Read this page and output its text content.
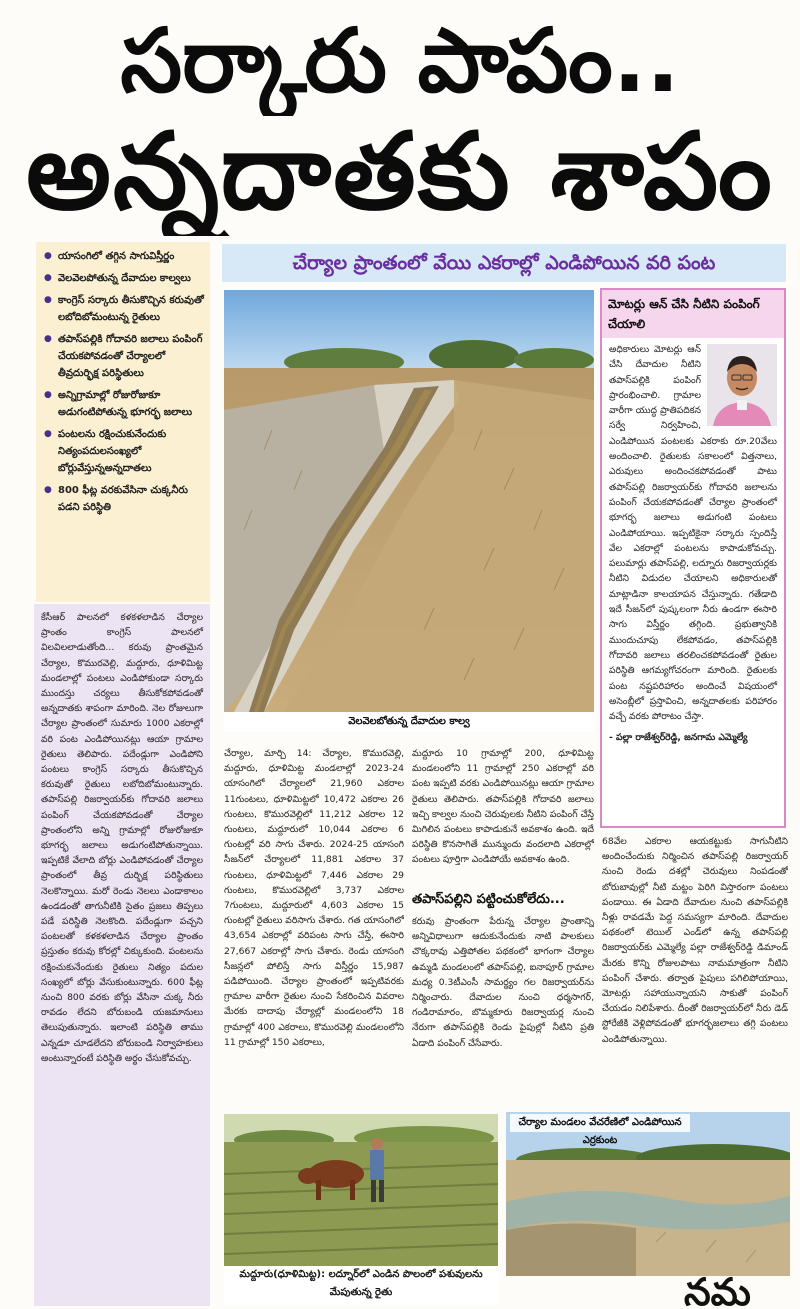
సర్కారు పాపం..
అన్నదాతకు శాపం
● యాసంగిలో తగ్గిన సాగువిస్తీర్ణం
● వెలవెలపోతున్న దేవాదుల కాల్వలు
● కాంగ్రెస్ సర్కారు తీసుకొచ్చిన కరువుతో లబోదిబోమంటున్న రైతులు
● తపాస్‌పల్లికి గోదావరి జలాలు పంపింగ్ చేయకపోవడంతో చేర్యాలలో తీవ్రదుర్భిక్ష పరిస్థితులు
● అన్నిగ్రామాల్లో రోజురోజుకూ అడుగంటిపోతున్న భూగర్భ జలాలు
● పంటలను రక్షించుకునేందుకు నిత్యంపదులసంఖ్యలో బోర్లువేస్తున్నఅన్నదాతలు
● 800 ఫీట్ల వరకువేసినా చుక్కనీరు పడని పరిస్థితి
చేర్యాల ప్రాంతంలో వేయి ఎకరాల్లో ఎండిపోయిన వరి పంట
వెలవెలబోతున్న దేవాదుల కాల్వ
మోటర్లు ఆన్ చేసి నీటిని పంపింగ్ చేయాలి
అధికారులు మోటర్లు ఆన్ చేసి దేవాదుల నీటిని తపాస్‌పల్లికి పంపింగ్ ప్రారంభించాలి. గ్రామాల వారీగా యుద్ధ ప్రాతిపదికన సర్వే నిర్వహించి, ఎండిపోయిన పంటలకు ఎకరాకు రూ.20వేలు అందించాలి. రైతులకు సకాలంలో విత్తనాలు, ఎరువులు అందించకపోవడంతో పాటు తపాస్‌పల్లి రిజర్వాయర్‌కు గోదావరి జలాలను పంపింగ్ చేయకపోవడంతో చేర్యాల ప్రాంతంలో భూగర్భ జలాలు అడుగంటి పంటలు ఎండిపోయాయి. ఇప్పటికైనా సర్కారు స్పందిస్తే వేల ఎకరాల్లో పంటలను కాపాడుకోవచ్చు. పలుమార్లు తపాస్‌పల్లి, లద్నూరు రిజర్వాయర్లకు నీటిని విడుదల చేయాలని అధికారులతో మాట్లాడినా కాలయాపన చేస్తున్నారు. గతేడాది ఇదే సీజన్‌లో పుష్కలంగా నీరు ఉండగా ఈసారి సాగు విస్తీర్ణం తగ్గింది. ప్రభుత్వానికి ముందుచూపు లేకపోవడం, తపాస్‌పల్లికి గోదావరి జలాలు తరలించకపోవడంతో రైతుల పరిస్థితి ఆగమ్యగోచరంగా మారింది. రైతులకు పంట నష్టపరిహారం అందించే విషయంలో అసెంబ్లీలో ప్రస్తావించి, అన్నదాతలకు పరిహారం వచ్చే వరకు పోరాటం చేస్తా.
- పల్లా రాజేశ్వర్‌రెడ్డి, జనగామ ఎమ్మెల్యే
కేసీఆర్ పాలనలో కళకళలాడిన చేర్యాల ప్రాంతం కాంగ్రెస్ పాలనలో విలవిలలాడుతోంది... కరువు ప్రాంతమైన చేర్యాల, కొమురవెల్లి, మద్దూరు, ధూళిమిట్ట మండలాల్లో పంటలు ఎండిపోకుండా సర్కారు ముందస్తు చర్యలు తీసుకోకపోవడంతో అన్నదాతకు శాపంగా మారింది. నెల రోజులుగా చేర్యాల ప్రాంతంలో సుమారు 1000 ఎకరాల్లో వరి పంట ఎండిపోయినట్లు ఆయా గ్రామాల రైతులు తెలిపారు. పదేండ్లుగా ఎండిపోని పంటలు కాంగ్రెస్ సర్కారు తీసుకొచ్చిన కరువుతో రైతులు లబోదిబోమంటున్నారు. తపాస్‌పల్లి రిజర్వాయర్‌కు గోదావరి జలాలు పంపింగ్ చేయకపోవడంతో చేర్యాల ప్రాంతంలోని అన్ని గ్రామాల్లో రోజురోజుకూ భూగర్భ జలాలు అడుగంటిపోతున్నాయి. ఇప్పటికే వేలాది బోర్లు ఎండిపోవడంతో చేర్యాల ప్రాంతంలో తీవ్ర దుర్భిక్ష పరిస్థితులు నెలకొన్నాయి. మరో రెండు నెలలు ఎండాకాలం ఉండడంతో తాగునీటికి సైతం ప్రజలు తిప్పలు పడే పరిస్థితి నెలకొంది. పదేండ్లుగా పచ్చని పంటలతో కళకళలాడిన చేర్యాల ప్రాంతం ప్రస్తుతం కరువు కోరల్లో చిక్కుకుంది. పంటలను రక్షించుకునేందుకు రైతులు నిత్యం పదుల సంఖ్యలో బోర్లు వేసుకుంటున్నారు. 600 ఫీట్ల నుంచి 800 వరకు బోర్లు వేసినా చుక్క నీరు రావడం లేదని బోరుబండి యజమానులు తెలుపుతున్నారు. ఇలాంటి పరిస్థితి తాము ఎన్నడూ చూడలేదని బోరుబండి నిర్వాహకులు అంటున్నారంటే పరిస్థితి అర్థం చేసుకోవచ్చు.
చేర్యాల, మార్చి 14: చేర్యాల, కొమురవెల్లి, మద్దూరు, ధూళిమిట్ట మండలాల్లో 2023-24 యాసంగిలో చేర్యాలలో 21,960 ఎకరాల 11గుంటలు, ధూళిమిట్టలో 10,472 ఎకరాల 26 గుంటలు, కొమురవెల్లిలో 11,212 ఎకరాల 12 గుంటలు, మద్దూరులో 10,044 ఎకరాల 6 గుంటల్లో వరి సాగు చేశారు. 2024-25 యాసంగి సీజన్‌లో చేర్యాలలో 11,881 ఎకరాల 37 గుంటలు, ధూళిమిట్టలో 7,446 ఎకరాల 29 గుంటలు, కొమురవెల్లిలో 3,737 ఎకరాల 7గుంటలు, మద్దూరులో 4,603 ఎకరాల 15 గుంటల్లో రైతులు వరిసాగు చేశారు. గత యాసంగిలో 43,654 ఎకరాల్లో వరిపంట సాగు చేస్తే, ఈసారి 27,667 ఎకరాల్లో సాగు చేశారు. రెండు యాసంగి సీజన్లలో పోలిస్తే సాగు విస్తీర్ణం 15,987 పడిపోయింది. చేర్యాల ప్రాంతంలో ఇప్పటివరకు గ్రామాల వారీగా రైతుల నుంచి సేకరించిన వివరాల మేరకు దాదాపు చేర్యాల్లో మండలంలోని 18 గ్రామాల్లో 400 ఎకరాలు, కొమురవెల్లి మండలంలోని 11 గ్రామాల్లో 150 ఎకరాలు,
మద్దూరు 10 గ్రామాల్లో 200, ధూళిమిట్ట మండలంలోని 11 గ్రామాల్లో 250 ఎకరాల్లో వరి పంట ఇప్పటి వరకు ఎండిపోయినట్లు ఆయా గ్రామాల రైతులు తెలిపారు. తపాస్‌పల్లికి గోదావరి జలాలు ఇచ్చి కాల్వల నుంచి చెరువులకు నీటిని పంపింగ్ చేస్తే మిగిలిన పంటలు కాపాడుకునే అవకాశం ఉంది. ఇదే పరిస్థితి కొనసాగితే మున్ముందు వందలాది ఎకరాల్లో పంటలు పూర్తిగా ఎండిపోయే అవకాశం ఉంది.
తపాస్‌పల్లిని పట్టించుకోలేదు...
కరువు ప్రాంతంగా పేరున్న చేర్యాల ప్రాంతాన్ని అన్నివిధాలుగా ఆదుకునేందుకు నాటి పాలకులు చొక్కరావు ఎత్తిపోతల పథకంలో భాగంగా చేర్యాల ఉమ్మడి మండలంలో తపాస్‌పల్లి, ఐనాపూర్ గ్రామాల మధ్య 0.3టీఎంసీ సామర్థ్యం గల రిజర్వాయర్‌ను నిర్మించారు. దేవాదుల నుంచి ధర్మసాగర్, గండిరామారం, బొమ్మకూరు రిజర్వాయర్ల నుంచి నేరుగా తపాస్‌పల్లికి రెండు పైపుల్లో నీటిని ప్రతి ఏడాది పంపింగ్ చేసేవారు.
68వేల ఎకరాల ఆయకట్టుకు సాగునీటిని అందించేందుకు నిర్మించిన తపాస్‌పల్లి రిజర్వాయర్ నుంచి రెండు దశల్లో చెరువులు నింపడంతో బోరుబావుల్లో నీటి మట్టం పెరిగి విస్తారంగా పంటలు పండాయి. ఈ ఏడాది దేవాదుల నుంచి తపాస్‌పల్లికి నీళ్లు రావడమే పెద్ద సమస్యగా మారింది. దేవాదుల పథకంలో టెయిల్ ఎండ్‌లో ఉన్న తపాస్‌పల్లి రిజర్వాయర్‌కు ఎమ్మెల్యే పల్లా రాజేశ్వర్‌రెడ్డి డిమాండ్ మేరకు కొన్ని రోజులపాటు నామమాత్రంగా నీటిని పంపింగ్ చేశారు. తర్వాత పైపులు పగిలిపోయాయి, మోటర్లు సహాయున్నాయని సాకుతో పంపింగ్ చేయడం నిలిపేశారు. దీంతో రిజర్వాయర్‌లో నీరు డెడ్ స్టోరేజీకి వెళ్లిపోవడంతో భూగర్భజలాలు తగ్గి పంటలు ఎండిపోతున్నాయి.
మద్దూరు(ధూళిమిట్ట): లద్నూర్‌లో ఎండిన పొలంలో పశువులను మేపుతున్న రైతు
చేర్యాల మండలం వేచరేణిలో ఎండిపోయిన ఎర్రకుంట
నమ
